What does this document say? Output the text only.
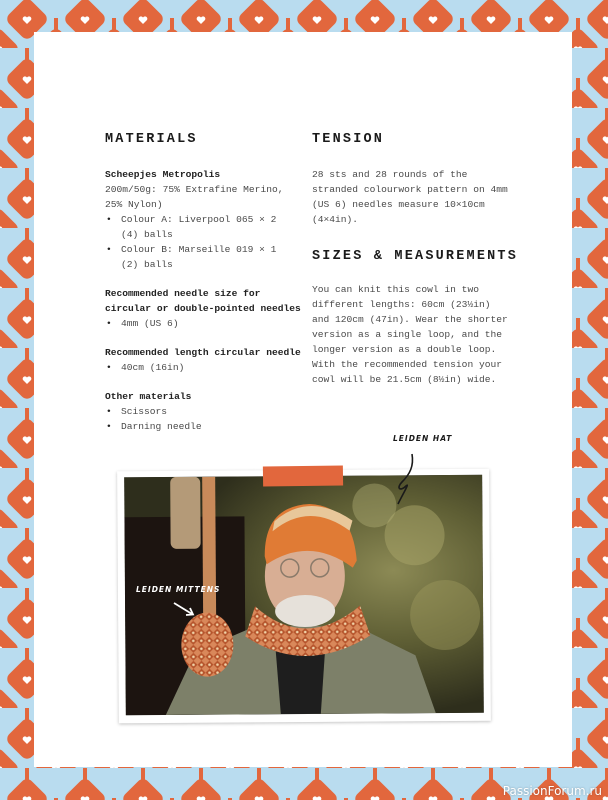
MATERIALS

Scheepjes Metropolis

200m/50g: 75% Extrafine Merino,

25% Nylon)

• Colour A: Liverpool 065 × 2
(4) balls
• Colour B: Marseille 019 × 1
(2) balls

Recommended needle size for

circular or double-pointed needles

• 4mm (US 6)

Recommended length circular needle

• 40cm (16in)

Other materials

• Scissors
• Darning needle
TENSION

28 sts and 28 rounds of the

stranded colourwork pattern on 4mm

(US 6) needles measure 10×10cm

(4×4in).

SIZES & MEASUREMENTS

You can knit this cowl in two

different lengths: 60cm (23½in)

and 120cm (47in). Wear the shorter

version as a single loop, and the

longer version as a double loop.

With the recommended tension your

cowl will be 21.5cm (8½in) wide.

LEIDEN HAT
LEIDEN MITTENS
PassionForum.ru
